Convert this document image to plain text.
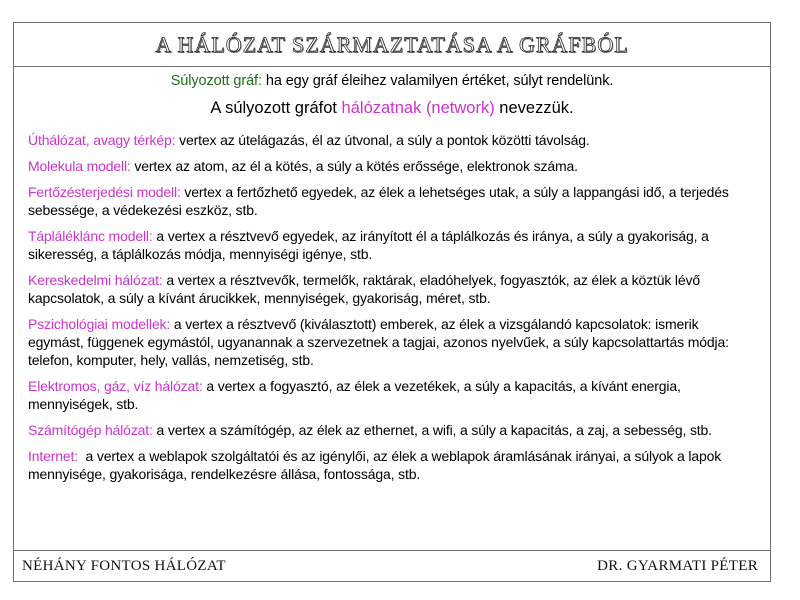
A HÁLÓZAT SZÁRMAZTATÁSA A GRÁFBÓL
Súlyozott gráf: ha egy gráf éleihez valamilyen értéket, súlyt rendelünk.
A súlyozott gráfot hálózatnak (network) nevezzük.
Úthálózat, avagy térkép: vertex az útelágazás, él az útvonal, a súly a pontok közötti távolság.
Molekula modell: vertex az atom, az él a kötés, a súly a kötés erőssége, elektronok száma.
Fertőzésterjedési modell: vertex a fertőzhető egyedek, az élek a lehetséges utak, a súly a lappangási idő, a terjedés sebessége, a védekezési eszköz, stb.
Tápláléklánc modell: a vertex a résztvevő egyedek, az irányított él a táplálkozás és iránya, a súly a gyakoriság, a sikeresség, a táplálkozás módja, mennyiségi igénye, stb.
Kereskedelmi hálózat: a vertex a résztvevők, termelők, raktárak, eladóhelyek, fogyasztók, az élek a köztük lévő kapcsolatok, a súly a kívánt árucikkek, mennyiségek, gyakoriság, méret, stb.
Pszichológiai modellek: a vertex a résztvevő (kiválasztott) emberek, az élek a vizsgálandó kapcsolatok: ismerik egymást, függenek egymástól, ugyanannak a szervezetnek a tagjai, azonos nyelvűek, a súly kapcsolattartás módja: telefon, komputer, hely, vallás, nemzetiség, stb.
Elektromos, gáz, víz hálózat: a vertex a fogyasztó, az élek a vezetékek, a súly a kapacitás, a kívánt energia, mennyiségek, stb.
Számítógép hálózat: a vertex a számítógép, az élek az ethernet, a wifi, a súly a kapacitás, a zaj, a sebesség, stb.
Internet:  a vertex a weblapok szolgáltatói és az igénylői, az élek a weblapok áramlásának irányai, a súlyok a lapok mennyisége, gyakorisága, rendelkezésre állása, fontossága, stb.
NÉHÁNY FONTOS HÁLÓZAT	DR. GYARMATI PÉTER
